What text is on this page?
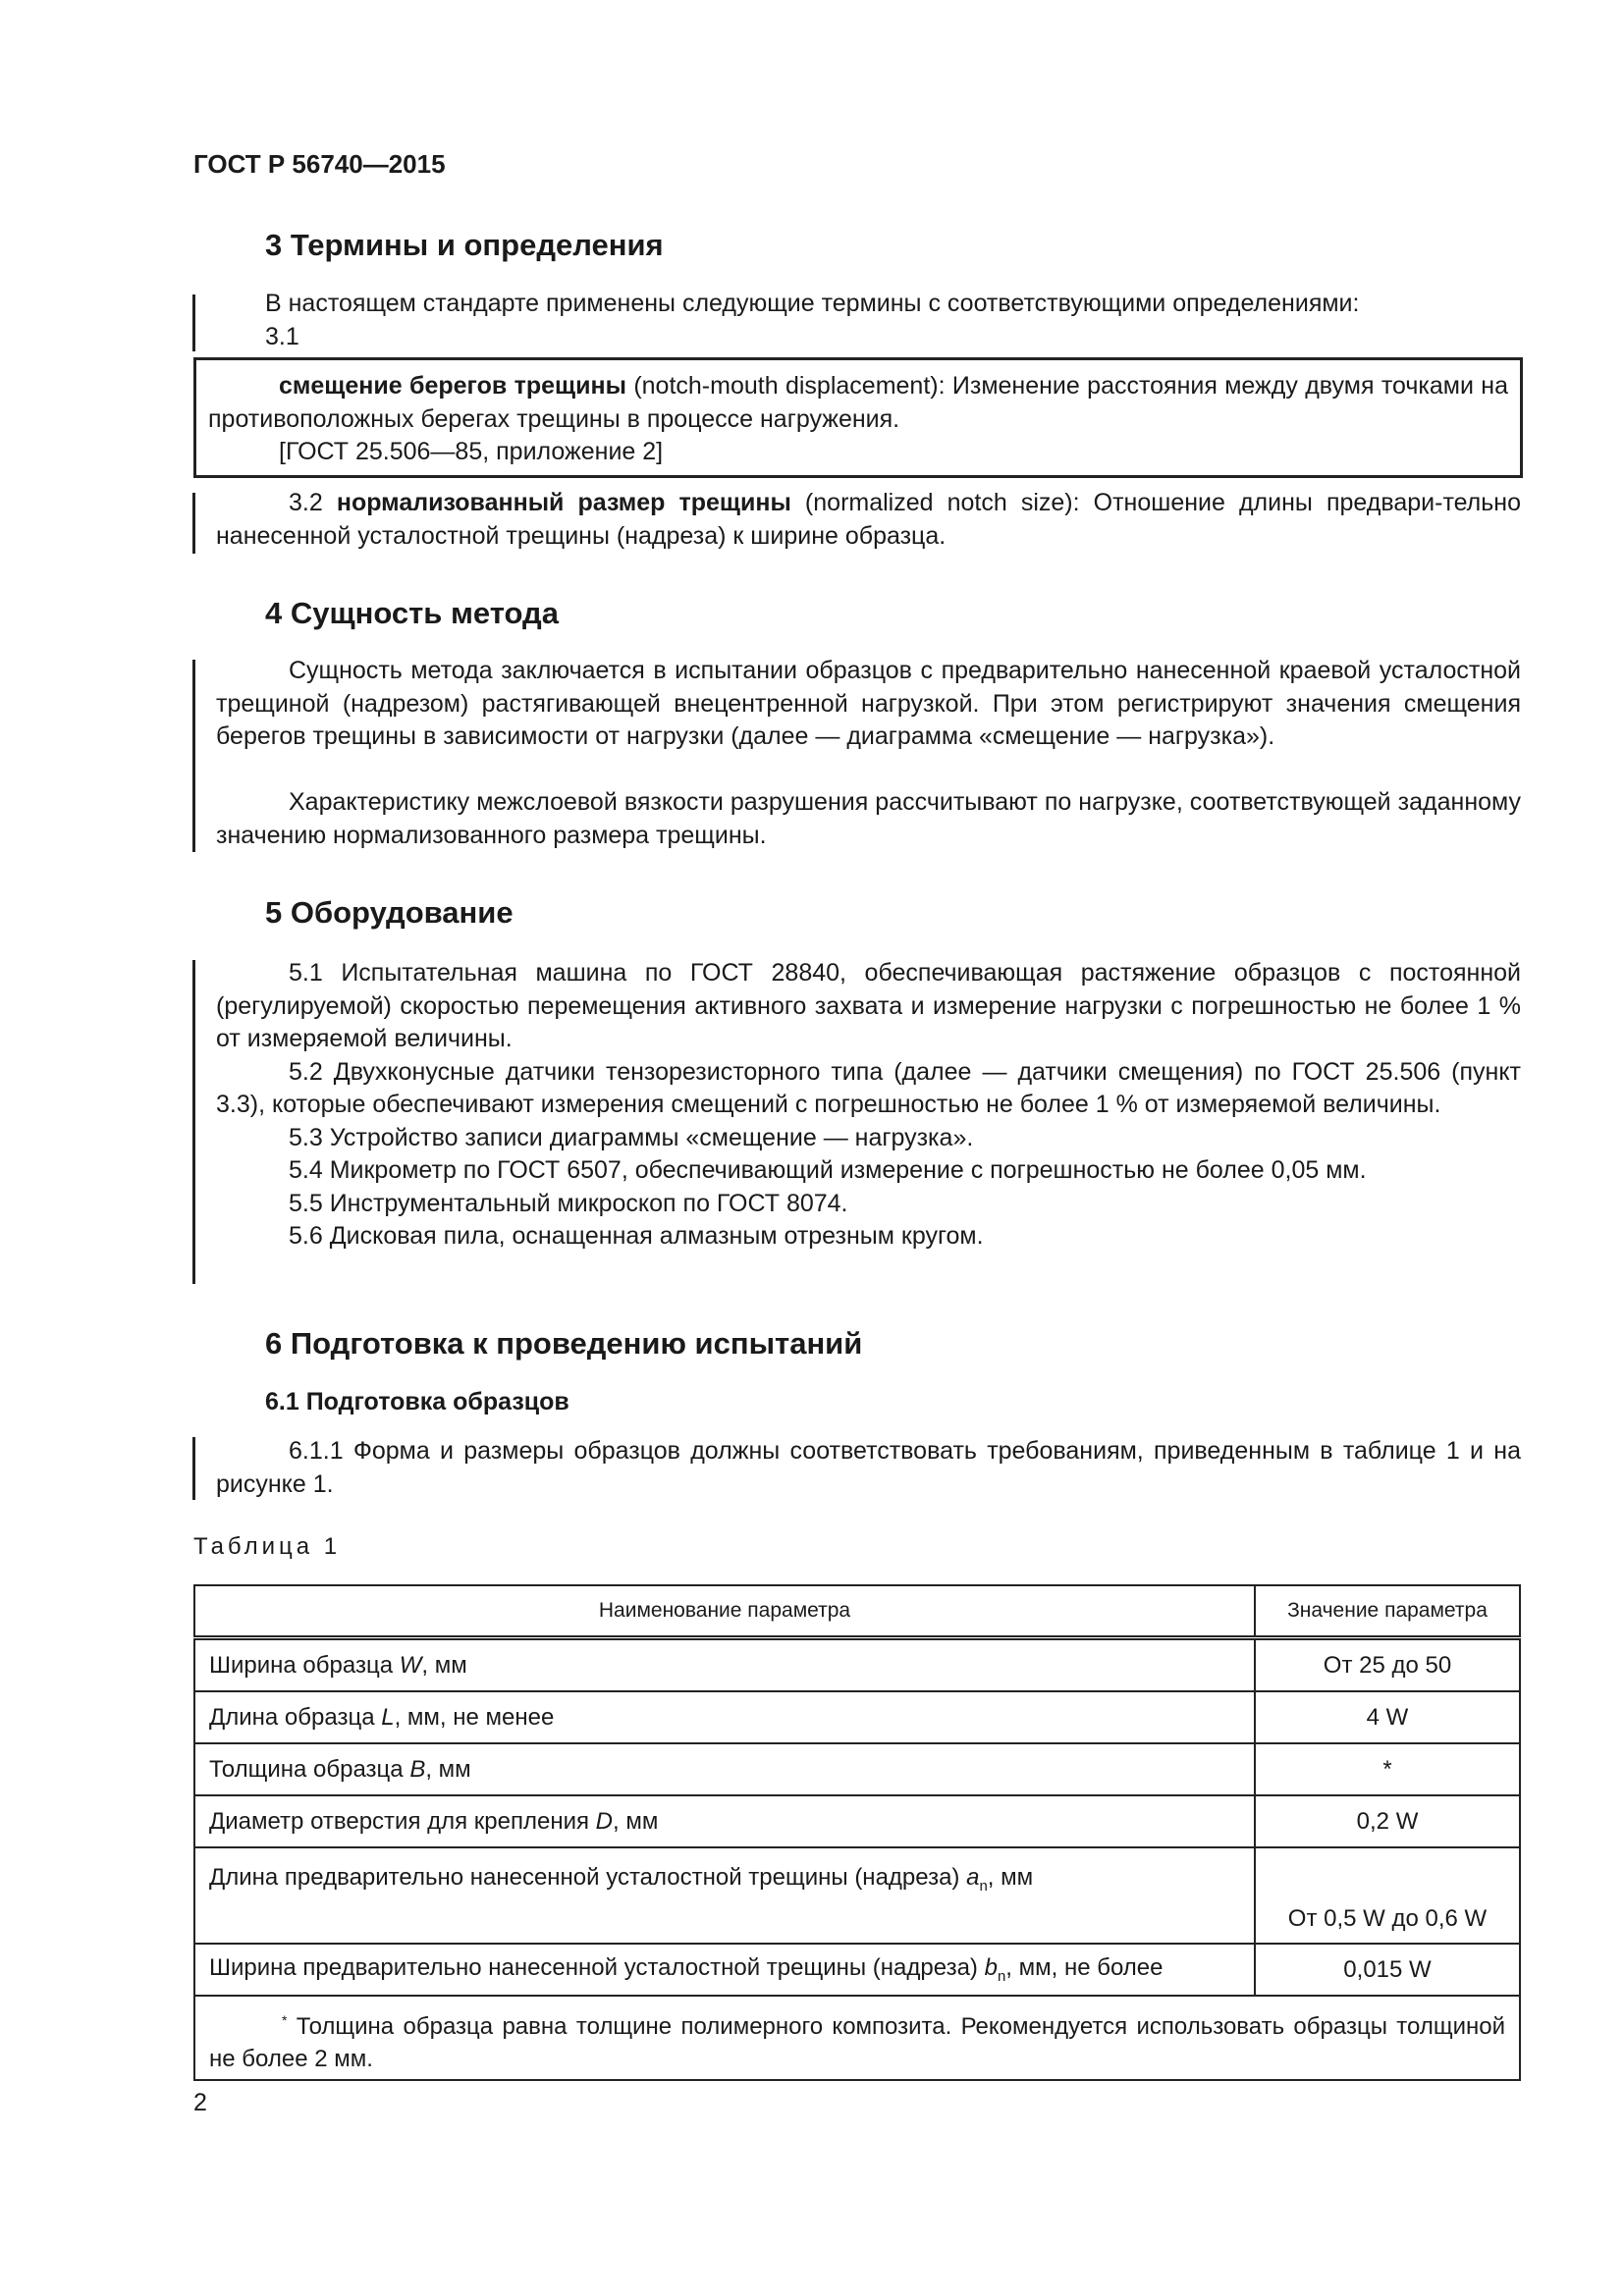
ГОСТ Р 56740—2015
3 Термины и определения
В настоящем стандарте применены следующие термины с соответствующими определениями:
3.1
смещение берегов трещины (notch-mouth displacement): Изменение расстояния между двумя точками на противоположных берегах трещины в процессе нагружения.
[ГОСТ 25.506—85, приложение 2]
3.2 нормализованный размер трещины (normalized notch size): Отношение длины предвари-тельно нанесенной усталостной трещины (надреза) к ширине образца.
4 Сущность метода
Сущность метода заключается в испытании образцов с предварительно нанесенной краевой усталостной трещиной (надрезом) растягивающей внецентренной нагрузкой. При этом регистрируют значения смещения берегов трещины в зависимости от нагрузки (далее — диаграмма «смещение — нагрузка»).
Характеристику межслоевой вязкости разрушения рассчитывают по нагрузке, соответствующей заданному значению нормализованного размера трещины.
5 Оборудование
5.1 Испытательная машина по ГОСТ 28840, обеспечивающая растяжение образцов с постоянной (регулируемой) скоростью перемещения активного захвата и измерение нагрузки с погрешностью не более 1 % от измеряемой величины.
5.2 Двухконусные датчики тензорезисторного типа (далее — датчики смещения) по ГОСТ 25.506 (пункт 3.3), которые обеспечивают измерения смещений с погрешностью не более 1 % от измеряемой величины.
5.3 Устройство записи диаграммы «смещение — нагрузка».
5.4 Микрометр по ГОСТ 6507, обеспечивающий измерение с погрешностью не более 0,05 мм.
5.5 Инструментальный микроскоп по ГОСТ 8074.
5.6 Дисковая пила, оснащенная алмазным отрезным кругом.
6 Подготовка к проведению испытаний
6.1 Подготовка образцов
6.1.1 Форма и размеры образцов должны соответствовать требованиям, приведенным в таблице 1 и на рисунке 1.
Таблица 1
Наименование параметра	Значение параметра
Ширина образца W, мм	От 25 до 50
Длина образца L, мм, не менее	4 W
Толщина образца B, мм	*
Диаметр отверстия для крепления D, мм	0,2 W
Длина предварительно нанесенной усталостной трещины (надреза) $a_n$, мм	От 0,5 W до 0,6 W
Ширина предварительно нанесенной усталостной трещины (надреза) $b_n$, мм, не более	0,015 W
* Толщина образца равна толщине полимерного композита. Рекомендуется использовать образцы толщиной не более 2 мм.	
2
